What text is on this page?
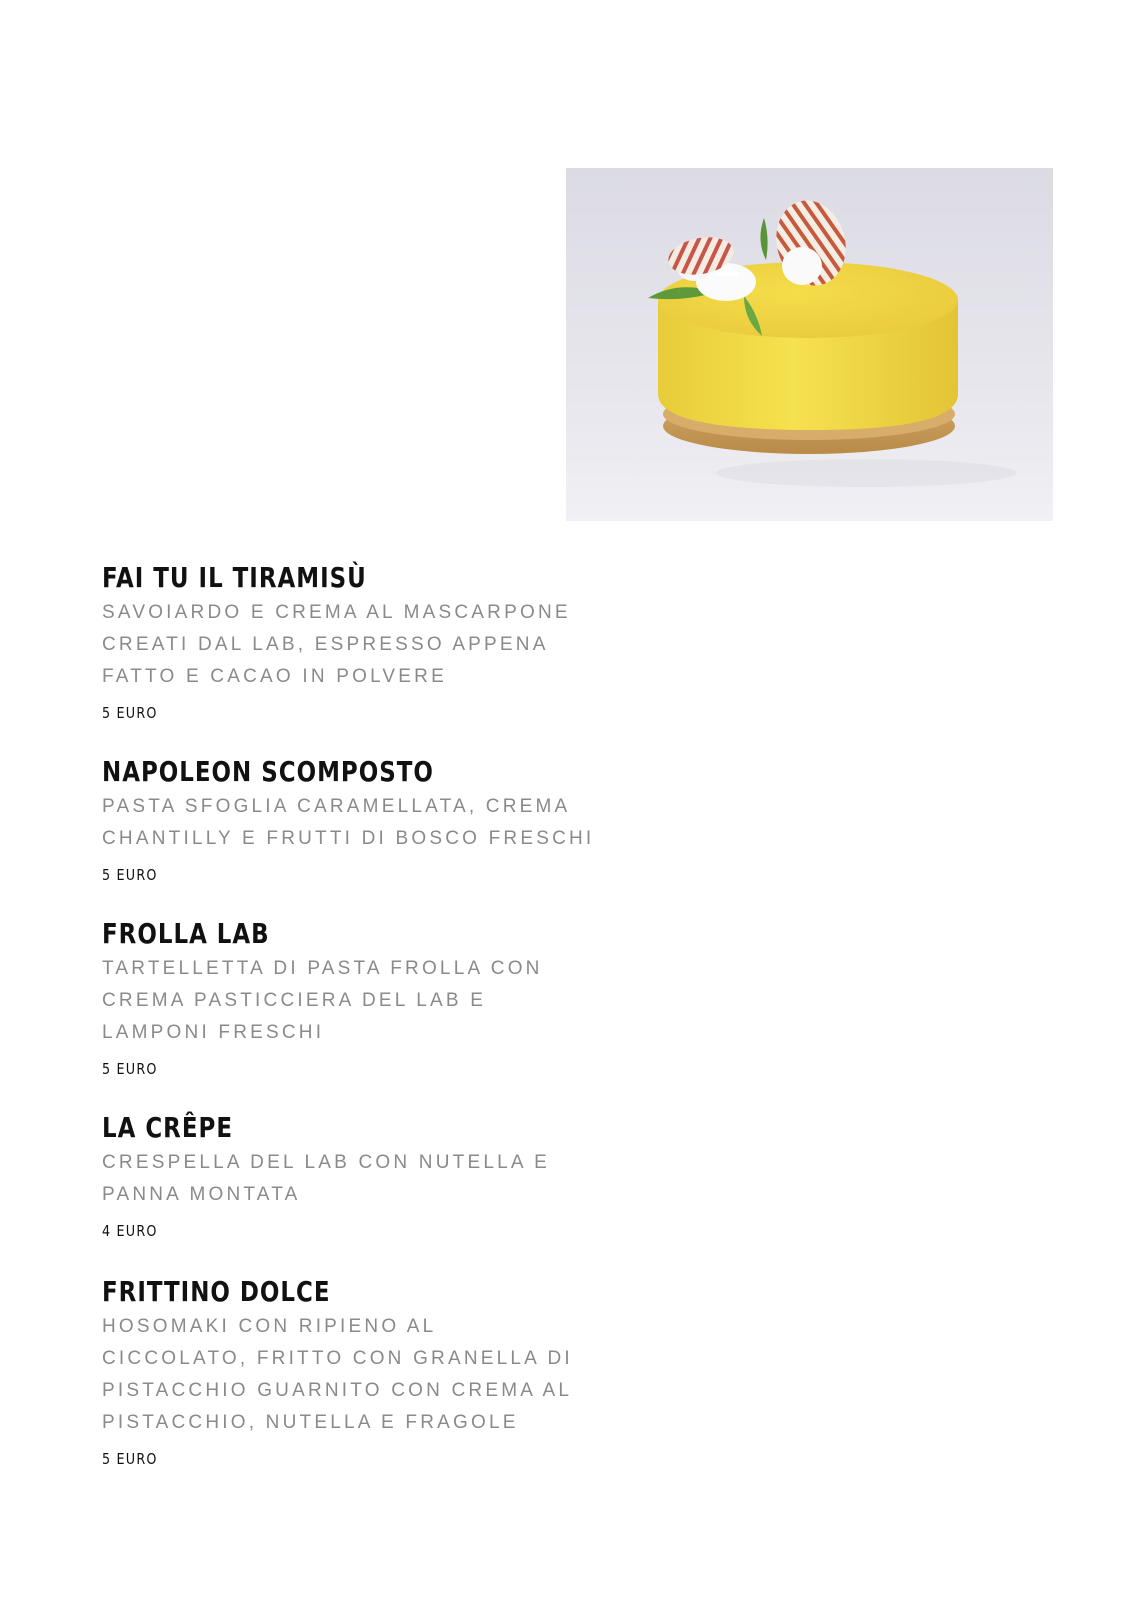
FAI TU IL TIRAMISÙ

SAVOIARDO E CREMA AL MASCARPONE
CREATI DAL LAB, ESPRESSO APPENA
FATTO E CACAO IN POLVERE

5 EURO

NAPOLEON SCOMPOSTO

PASTA SFOGLIA CARAMELLATA, CREMA
CHANTILLY E FRUTTI DI BOSCO FRESCHI

5 EURO

FROLLA LAB

TARTELLETTA DI PASTA FROLLA CON
CREMA PASTICCIERA DEL LAB E
LAMPONI FRESCHI

5 EURO

LA CRÊPE

CRESPELLA DEL LAB CON NUTELLA E
PANNA MONTATA

4 EURO

FRITTINO DOLCE

HOSOMAKI CON RIPIENO AL
CICCOLATO, FRITTO CON GRANELLA DI
PISTACCHIO GUARNITO CON CREMA AL
PISTACCHIO, NUTELLA E FRAGOLE

5 EURO
